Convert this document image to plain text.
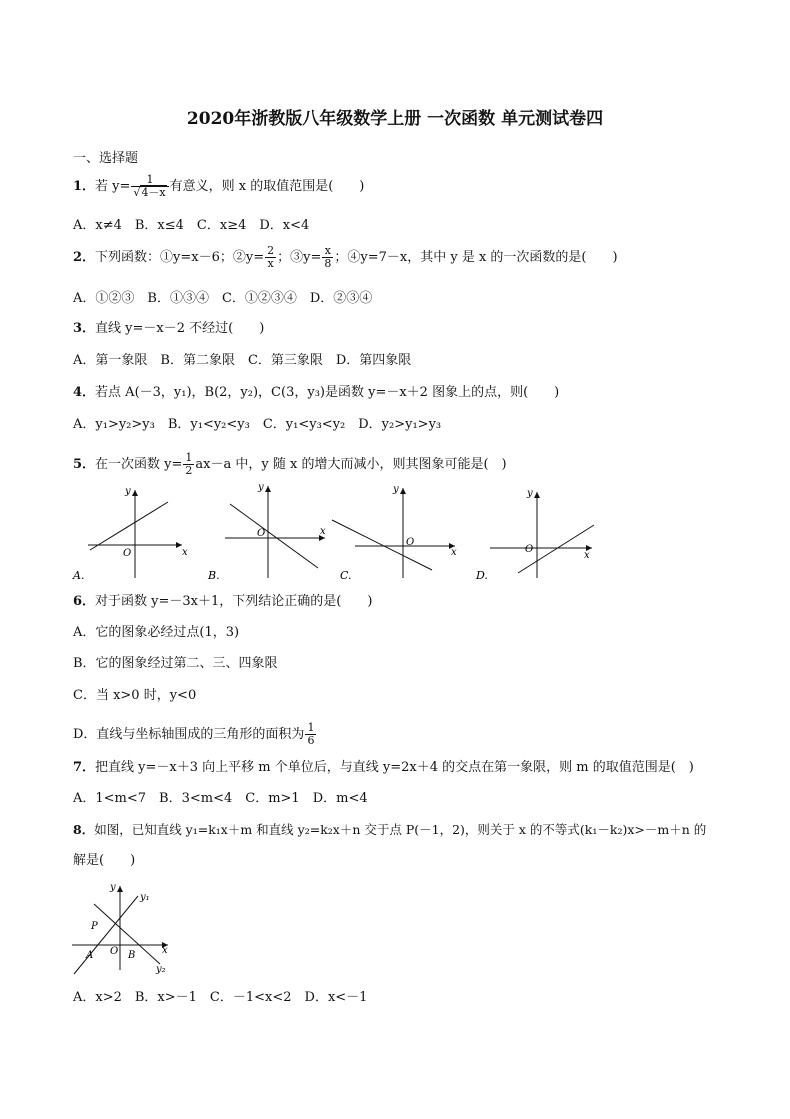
2020年浙教版八年级数学上册 一次函数 单元测试卷四
一、选择题
1．若 $y= \frac{1}{√4-x}$ 有意义，则 x 的取值范围是(　　)
A．x≠4　B．x≤4　C．x≥4　D．x<4
2．下列函数：①y=x－6；②y= $\frac{2}{x}$ ；③y= $\frac{x}{8}$ ；④y=7－x，其中 y 是 x 的一次函数的是(　　)
A．①②③　B．①③④　C．①②③④　D．②③④
3．直线 y=－x－2 不经过(　　)
A．第一象限　B．第二象限　C．第三象限　D．第四象限
4．若点 A(－3，y₁)，B(2，y₂)，C(3，y₃)是函数 y=－x＋2 图象上的点，则(　　)
A．y₁>y₂>y₃　B．y₁<y₂<y₃　C．y₁<y₃<y₂　D．y₂>y₁>y₃
5．在一次函数 $y= \frac{1}{2} ax-a$ 中，y 随 x 的增大而减小，则其图象可能是(　)
x
y
O
A.
x
y
O
B.
x
y
O
C.
x
y
O
D.
6．对于函数 y=－3x＋1，下列结论正确的是(　　)
A．它的图象必经过点(1，3)
B．它的图象经过第二、三、四象限
C．当 x>0 时，y<0
D．直线与坐标轴围成的三角形的面积为 $\frac{1}{6}$
7．把直线 y=－x＋3 向上平移 m 个单位后，与直线 y=2x＋4 的交点在第一象限，则 m 的取值范围是(　)
A．1<m<7　B．3<m<4　C．m>1　D．m<4
8．如图，已知直线 y₁=k₁x＋m 和直线 y₂=k₂x＋n 交于点 P(－1，2)，则关于 x 的不等式(k₁－k₂)x>－m＋n 的
解是(　　)
y₁
y₂
P
A O B	x
y
A．x>2　B．x>－1　C．－1<x<2　D．x<－1
